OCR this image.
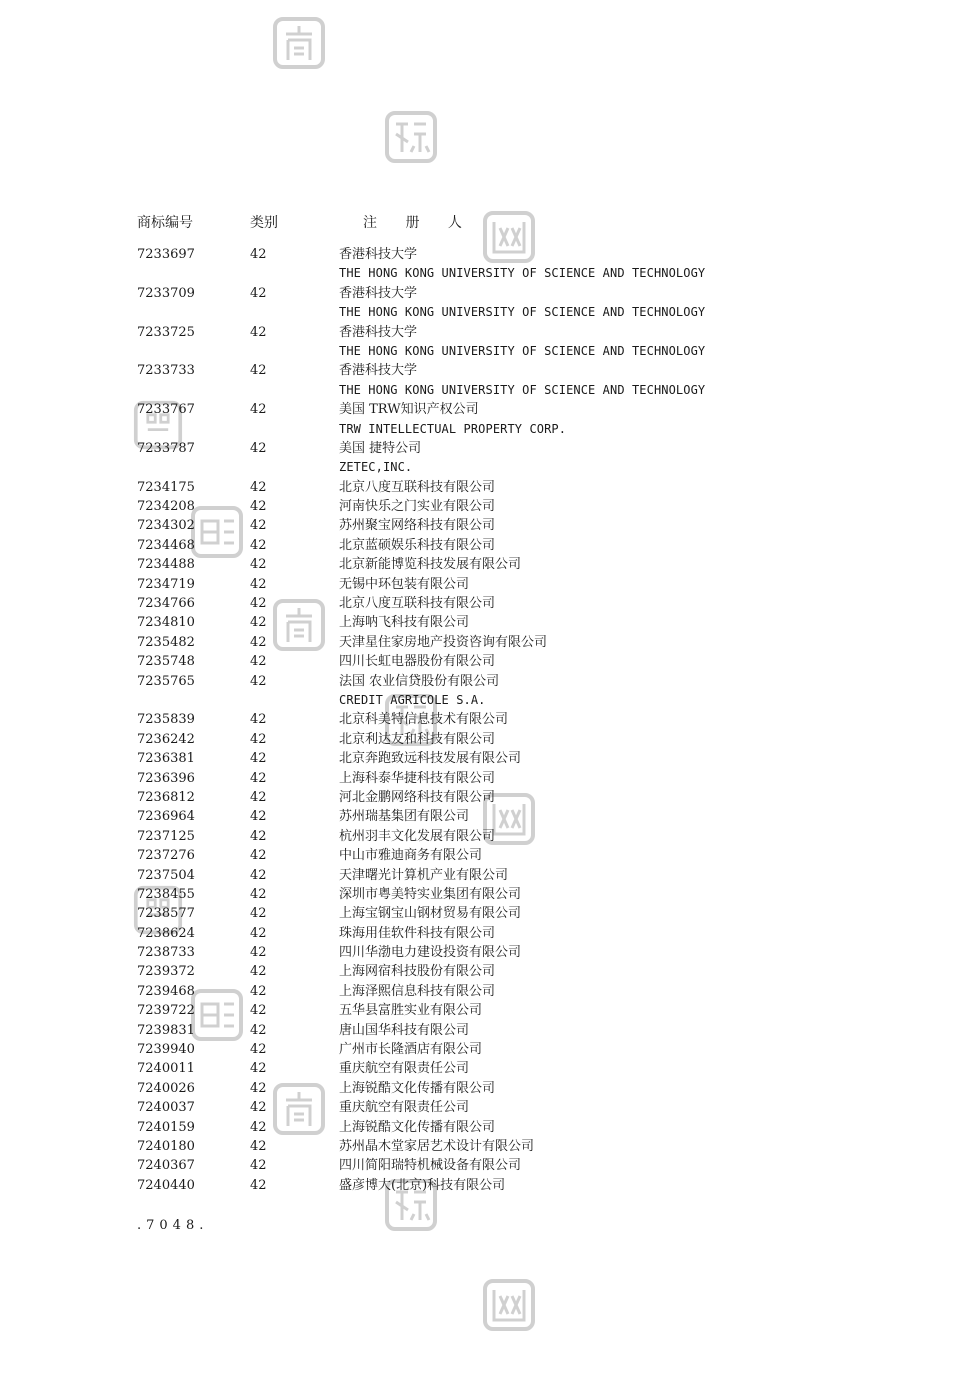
商标编号	类别	注 册 人
7233697	42	香港科技大学
THE HONG KONG UNIVERSITY OF SCIENCE AND TECHNOLOGY
7233709	42	香港科技大学
THE HONG KONG UNIVERSITY OF SCIENCE AND TECHNOLOGY
7233725	42	香港科技大学
THE HONG KONG UNIVERSITY OF SCIENCE AND TECHNOLOGY
7233733	42	香港科技大学
THE HONG KONG UNIVERSITY OF SCIENCE AND TECHNOLOGY
7233767	42	美国 TRW知识产权公司
TRW INTELLECTUAL PROPERTY CORP.
7233787	42	美国 捷特公司
ZETEC,INC.
7234175	42	北京八度互联科技有限公司
7234208	42	河南快乐之门实业有限公司
7234302	42	苏州聚宝网络科技有限公司
7234468	42	北京蓝硕娱乐科技有限公司
7234488	42	北京新能博览科技发展有限公司
7234719	42	无锡中环包装有限公司
7234766	42	北京八度互联科技有限公司
7234810	42	上海呐飞科技有限公司
7235482	42	天津星住家房地产投资咨询有限公司
7235748	42	四川长虹电器股份有限公司
7235765	42	法国 农业信贷股份有限公司
CREDIT AGRICOLE S.A.
7235839	42	北京科美特信息技术有限公司
7236242	42	北京利达友和科技有限公司
7236381	42	北京奔跑致远科技发展有限公司
7236396	42	上海科泰华捷科技有限公司
7236812	42	河北金鹏网络科技有限公司
7236964	42	苏州瑞基集团有限公司
7237125	42	杭州羽丰文化发展有限公司
7237276	42	中山市雅迪商务有限公司
7237504	42	天津曙光计算机产业有限公司
7238455	42	深圳市粤美特实业集团有限公司
7238577	42	上海宝钢宝山钢材贸易有限公司
7238624	42	珠海用佳软件科技有限公司
7238733	42	四川华渤电力建设投资有限公司
7239372	42	上海网宿科技股份有限公司
7239468	42	上海泽熙信息科技有限公司
7239722	42	五华县富胜实业有限公司
7239831	42	唐山国华科技有限公司
7239940	42	广州市长隆酒店有限公司
7240011	42	重庆航空有限责任公司
7240026	42	上海锐酷文化传播有限公司
7240037	42	重庆航空有限责任公司
7240159	42	上海锐酷文化传播有限公司
7240180	42	苏州晶木堂家居艺术设计有限公司
7240367	42	四川简阳瑞特机械设备有限公司
7240440	42	盛彦博大(北京)科技有限公司
.7048.
